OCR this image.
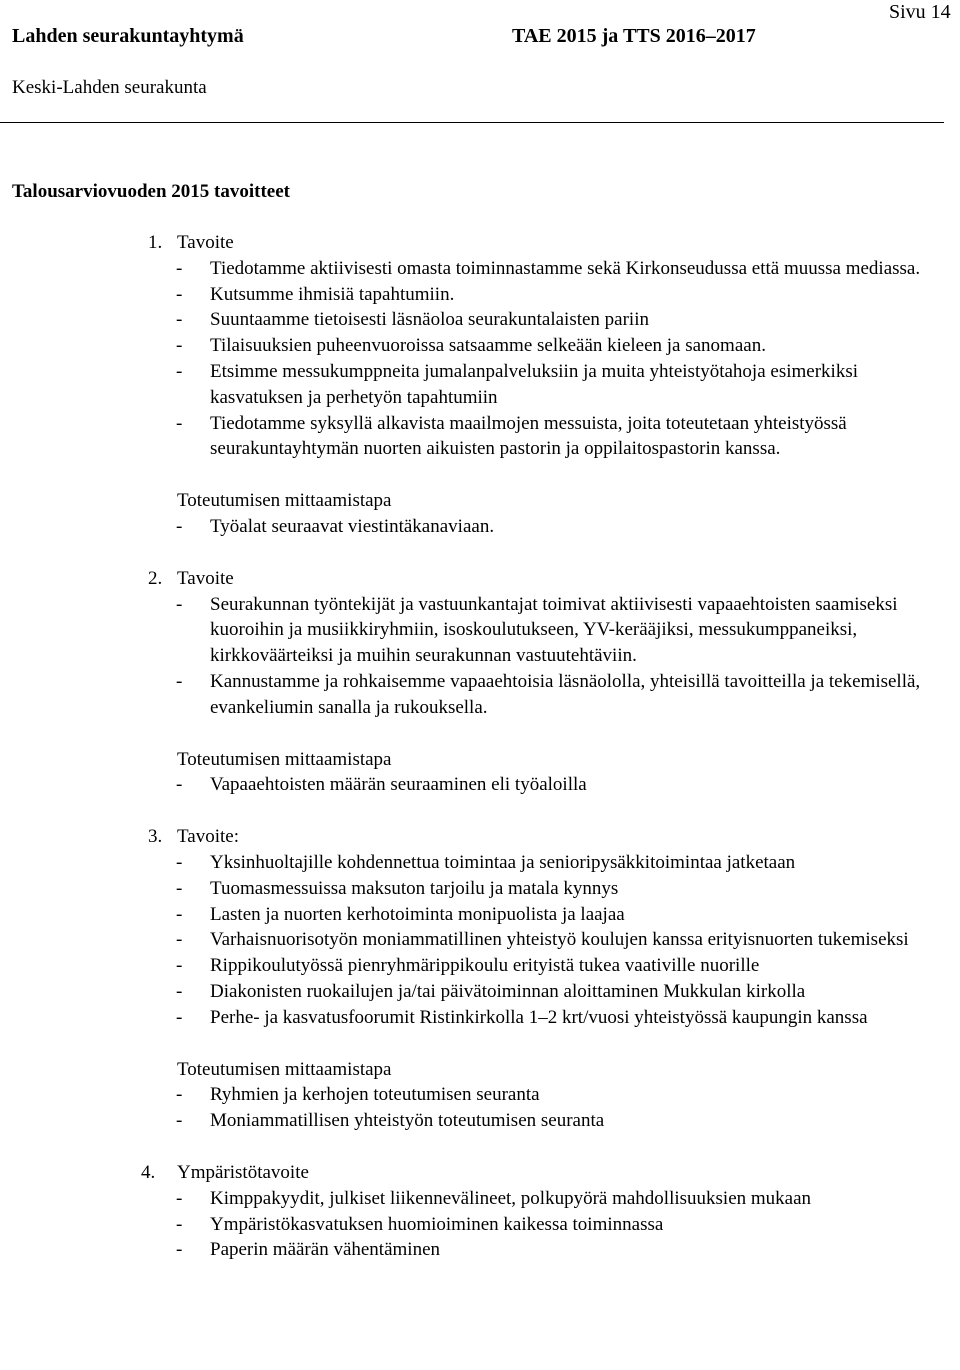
Lahden seurakuntayhtymä	TAE 2015 ja TTS 2016–2017
Sivu 14
Keski-Lahden seurakunta
Talousarviovuoden 2015 tavoitteet
1. Tavoite
- Tiedotamme aktiivisesti omasta toiminnastamme sekä Kirkonseudussa että muussa mediassa.
- Kutsumme ihmisiä tapahtumiin.
- Suuntaamme tietoisesti läsnäoloa seurakuntalaisten pariin
- Tilaisuuksien puheenvuoroissa satsaamme selkeään kieleen ja sanomaan.
- Etsimme messukumppneita jumalanpalveluksiin ja muita yhteistyötahoja esimerkiksi kasvatuksen ja perhetyön tapahtumiin
- Tiedotamme syksyllä alkavista maailmojen messuista, joita toteutetaan yhteistyössä seurakuntayhtymän nuorten aikuisten pastorin ja oppilaitospastorin kanssa.
Toteutumisen mittaamistapa
- Työalat seuraavat viestintäkanaviaan.
2. Tavoite
- Seurakunnan työntekijät ja vastuunkantajat toimivat aktiivisesti vapaaehtoisten saamiseksi kuoroihin ja musiikkiryhmiin, isoskoulutukseen, YV-kerääjiksi, messukumppaneiksi, kirkkoväärteiksi ja muihin seurakunnan vastuutehtäviin.
- Kannustamme ja rohkaisemme vapaaehtoisia läsnäololla, yhteisillä tavoitteilla ja tekemisellä, evankeliumin sanalla ja rukouksella.
Toteutumisen mittaamistapa
- Vapaaehtoisten määrän seuraaminen eli työaloilla
3. Tavoite:
- Yksinhuoltajille kohdennettua toimintaa ja senioripysäkkitoimintaa jatketaan
- Tuomasmessuissa maksuton tarjoilu ja matala kynnys
- Lasten ja nuorten kerhotoiminta monipuolista ja laajaa
- Varhaisnuorisotyön moniammatillinen yhteistyö koulujen kanssa erityisnuorten tukemiseksi
- Rippikoulutyössä pienryhmärippikoulu erityistä tukea vaativille nuorille
- Diakonisten ruokailujen ja/tai päivätoiminnan aloittaminen Mukkulan kirkolla
- Perhe- ja kasvatusfoorumit Ristinkirkolla 1–2 krt/vuosi yhteistyössä kaupungin kanssa
Toteutumisen mittaamistapa
- Ryhmien ja kerhojen toteutumisen seuranta
- Moniammatillisen yhteistyön toteutumisen seuranta
4. Ympäristötavoite
- Kimppakyydit, julkiset liikennevälineet, polkupyörä mahdollisuuksien mukaan
- Ympäristökasvatuksen huomioiminen kaikessa toiminnassa
- Paperin määrän vähentäminen
